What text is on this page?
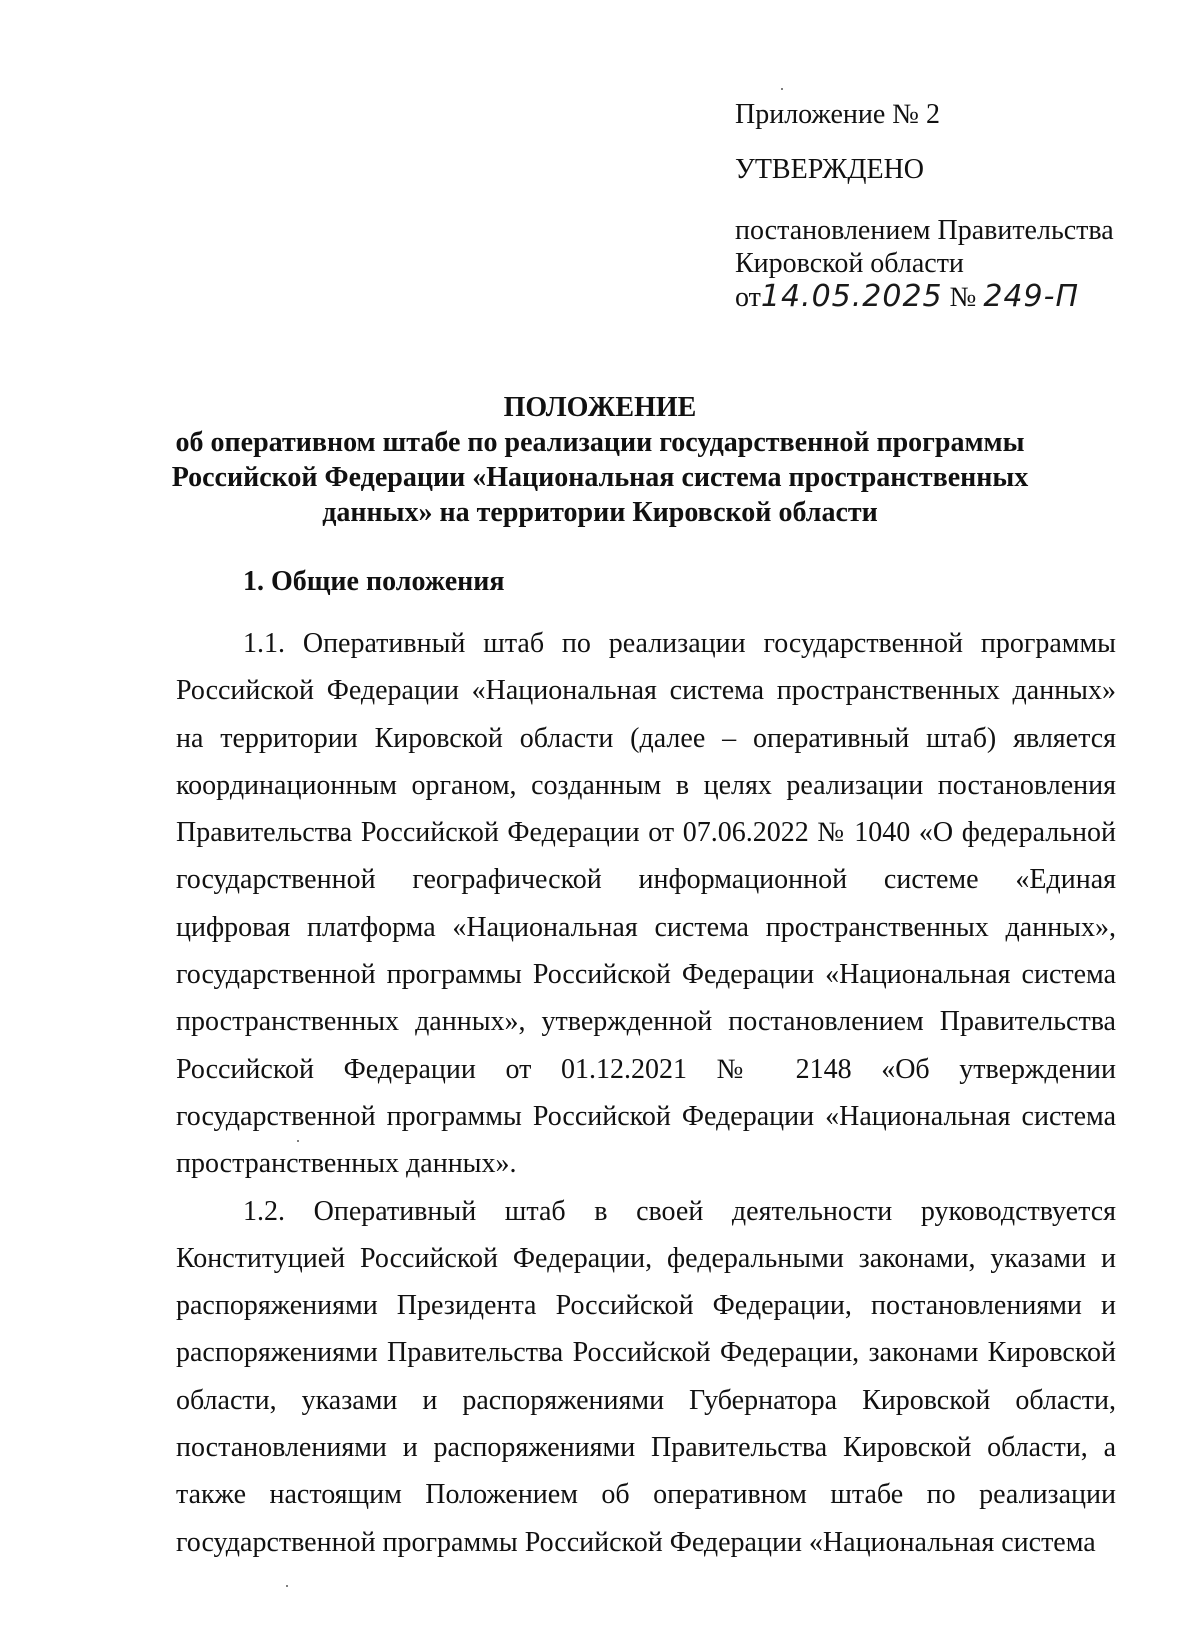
Приложение № 2
УТВЕРЖДЕНО
постановлением Правительства
Кировской области
от14.05.2025 № 249-П
ПОЛОЖЕНИЕ
об оперативном штабе по реализации государственной программы
Российской Федерации «Национальная система пространственных
данных» на территории Кировской области
1. Общие положения

1.1. Оперативный штаб по реализации государственной программы Российской Федерации «Национальная система пространственных данных» на территории Кировской области (далее – оперативный штаб) является координационным органом, созданным в целях реализации постановления Правительства Российской Федерации от 07.06.2022 № 1040 «О федеральной государственной географической информационной системе «Единая цифровая платформа «Национальная система пространственных данных», государственной программы Российской Федерации «Национальная система пространственных данных», утвержденной постановлением Правительства Российской Федерации от 01.12.2021 № 2148 «Об утверждении государственной программы Российской Федерации «Национальная система пространственных данных».

1.2. Оперативный штаб в своей деятельности руководствуется Конституцией Российской Федерации, федеральными законами, указами и распоряжениями Президента Российской Федерации, постановлениями и распоряжениями Правительства Российской Федерации, законами Кировской области, указами и распоряжениями Губернатора Кировской области, постановлениями и распоряжениями Правительства Кировской области, а также настоящим Положением об оперативном штабе по реализации государственной программы Российской Федерации «Национальная система
